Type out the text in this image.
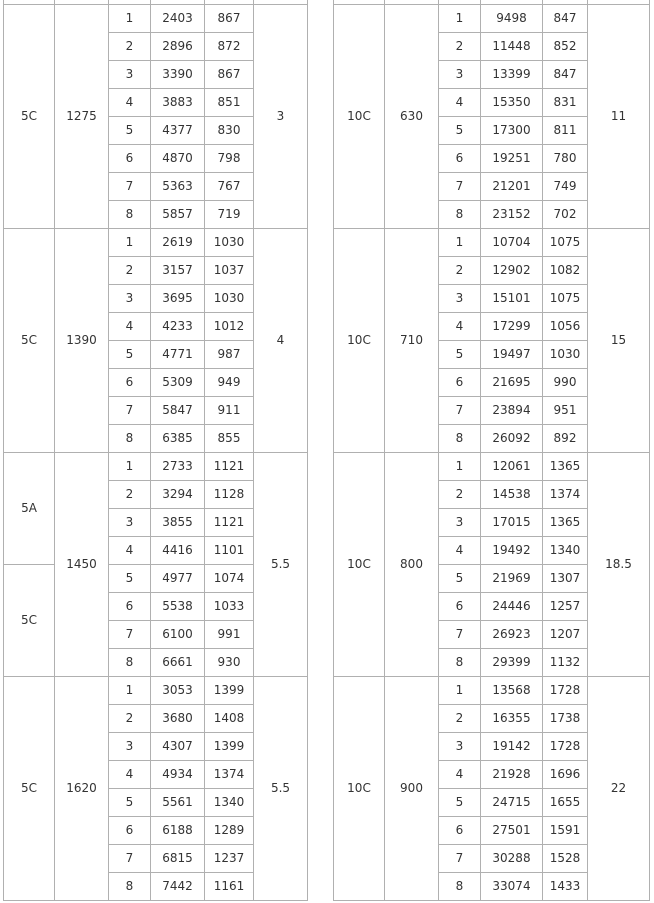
5C	1275	1	2403	867	3
		2	2896	872	
		3	3390	867	
		4	3883	851	
		5	4377	830	
		6	4870	798	
		7	5363	767	
		8	5857	719	
5C	1390	1	2619	1030	4
		2	3157	1037	
		3	3695	1030	
		4	4233	1012	
		5	4771	987	
		6	5309	949	
		7	5847	911	
		8	6385	855	
5A	1450	1	2733	1121	5.5
		2	3294	1128	
		3	3855	1121	
		4	4416	1101	
5C		5	4977	1074	
		6	5538	1033	
		7	6100	991	
		8	6661	930	
5C	1620	1	3053	1399	5.5
		2	3680	1408	
		3	4307	1399	
		4	4934	1374	
		5	5561	1340	
		6	6188	1289	
		7	6815	1237	
		8	7442	1161	

10C	630	1	9498	847	11
		2	11448	852	
		3	13399	847	
		4	15350	831	
		5	17300	811	
		6	19251	780	
		7	21201	749	
		8	23152	702	
10C	710	1	10704	1075	15
		2	12902	1082	
		3	15101	1075	
		4	17299	1056	
		5	19497	1030	
		6	21695	990	
		7	23894	951	
		8	26092	892	
10C	800	1	12061	1365	18.5
		2	14538	1374	
		3	17015	1365	
		4	19492	1340	
		5	21969	1307	
		6	24446	1257	
		7	26923	1207	
		8	29399	1132	
10C	900	1	13568	1728	22
		2	16355	1738	
		3	19142	1728	
		4	21928	1696	
		5	24715	1655	
		6	27501	1591	
		7	30288	1528	
		8	33074	1433	
